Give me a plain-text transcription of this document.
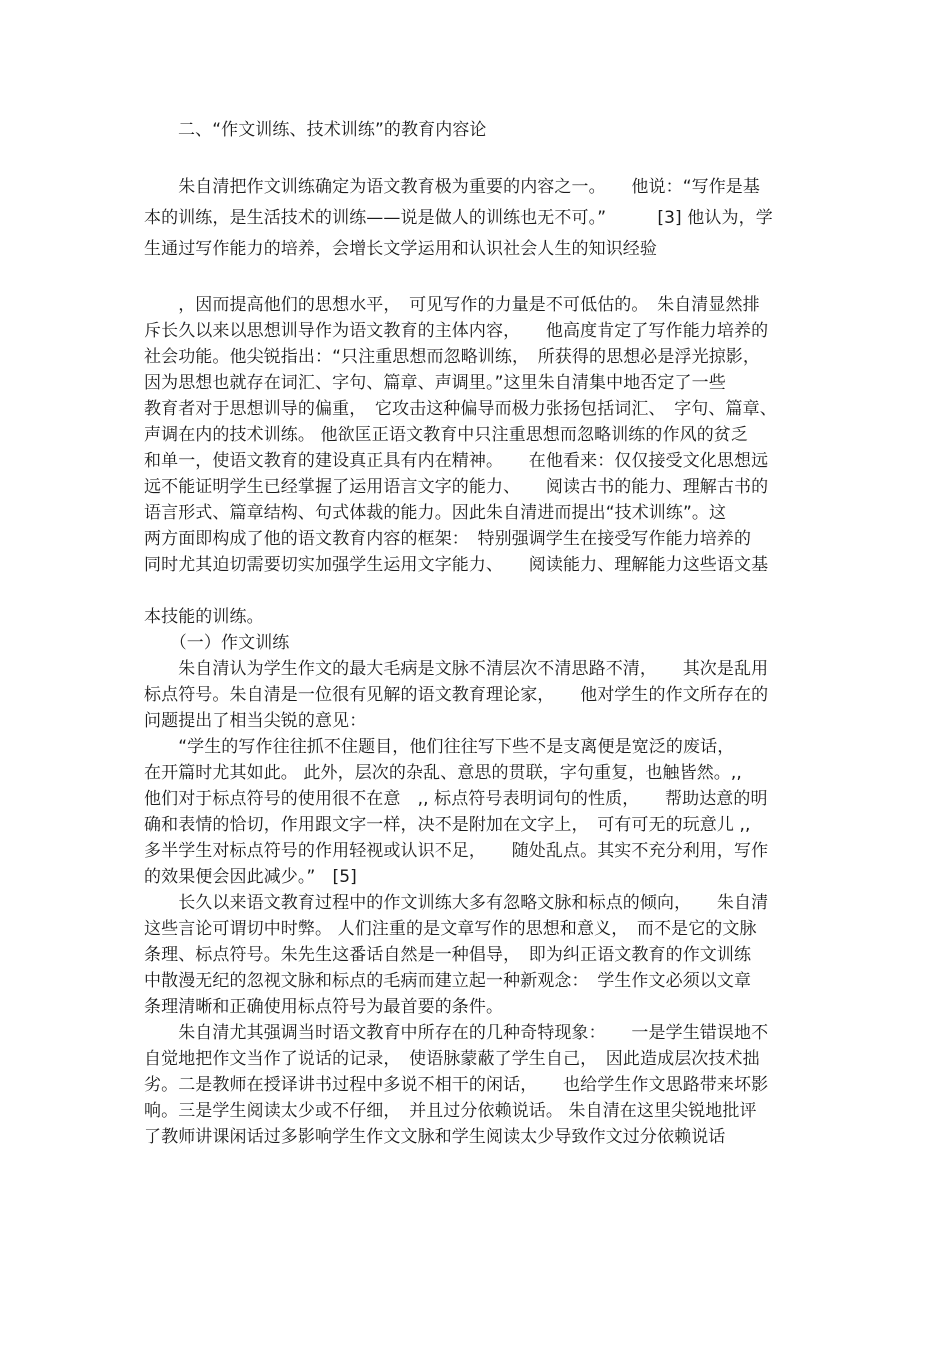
二、“作文训练、技术训练”的教育内容论
　　朱自清把作文训练确定为语文教育极为重要的内容之一。　　他说：“写作是基
本的训练，是生活技术的训练——说是做人的训练也无不可。”　　　[3] 他认为，学
生通过写作能力的培养，会增长文学运用和认识社会人生的知识经验
　　，因而提高他们的思想水平，　可见写作的力量是不可低估的。　朱自清显然排
斥长久以来以思想训导作为语文教育的主体内容，　　他高度肯定了写作能力培养的
社会功能。他尖锐指出：“只注重思想而忽略训练，　所获得的思想必是浮光掠影，
因为思想也就存在词汇、字句、篇章、声调里。”这里朱自清集中地否定了一些
教育者对于思想训导的偏重，　它攻击这种偏导而极力张扬包括词汇、　字句、篇章、
声调在内的技术训练。 他欲匡正语文教育中只注重思想而忽略训练的作风的贫乏
和单一，使语文教育的建设真正具有内在精神。　　在他看来：仅仅接受文化思想远
远不能证明学生已经掌握了运用语言文字的能力、　　阅读古书的能力、理解古书的
语言形式、篇章结构、句式体裁的能力。因此朱自清进而提出“技术训练”。这
两方面即构成了他的语文教育内容的框架：　特别强调学生在接受写作能力培养的
同时尤其迫切需要切实加强学生运用文字能力、　　阅读能力、理解能力这些语文基
本技能的训练。
　　（一）作文训练
　　朱自清认为学生作文的最大毛病是文脉不清层次不清思路不清，　　其次是乱用
标点符号。朱自清是一位很有见解的语文教育理论家，　　他对学生的作文所存在的
问题提出了相当尖锐的意见：
　　“学生的写作往往抓不住题目，他们往往写下些不是支离便是宽泛的废话，
在开篇时尤其如此。 此外，层次的杂乱、意思的贯联，字句重复，也触皆然。,,
他们对于标点符号的使用很不在意　,, 标点符号表明词句的性质，　　帮助达意的明
确和表情的恰切，作用跟文字一样，决不是附加在文字上，　可有可无的玩意儿 ,,
多半学生对标点符号的作用轻视或认识不足，　　随处乱点。其实不充分利用，写作
的效果便会因此减少。”　[5]
　　长久以来语文教育过程中的作文训练大多有忽略文脉和标点的倾向，　　朱自清
这些言论可谓切中时弊。 人们注重的是文章写作的思想和意义，　而不是它的文脉
条理、标点符号。朱先生这番话自然是一种倡导，　即为纠正语文教育的作文训练
中散漫无纪的忽视文脉和标点的毛病而建立起一种新观念：　学生作文必须以文章
条理清晰和正确使用标点符号为最首要的条件。
　　朱自清尤其强调当时语文教育中所存在的几种奇特现象：　　一是学生错误地不
自觉地把作文当作了说话的记录，　使语脉蒙蔽了学生自己，　因此造成层次技术拙
劣。二是教师在授译讲书过程中多说不相干的闲话，　　也给学生作文思路带来坏影
响。三是学生阅读太少或不仔细，　并且过分依赖说话。 朱自清在这里尖锐地批评
了教师讲课闲话过多影响学生作文文脉和学生阅读太少导致作文过分依赖说话
